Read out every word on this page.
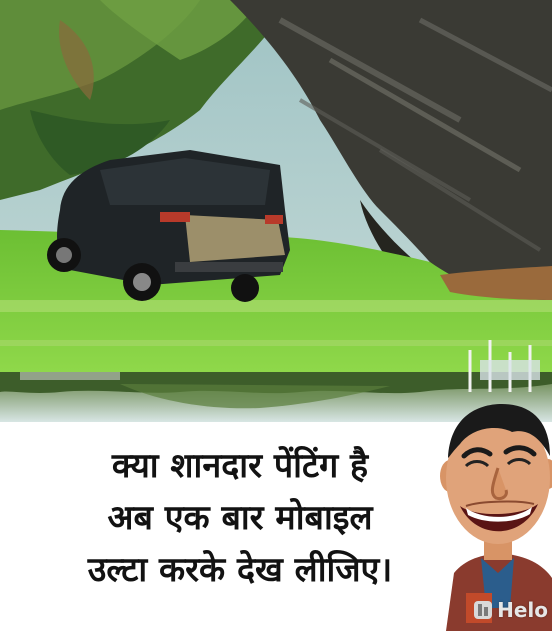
क्या शानदार पेंटिंग है
अब एक बार मोबाइल
उल्टा करके देख लीजिए।
Helo
